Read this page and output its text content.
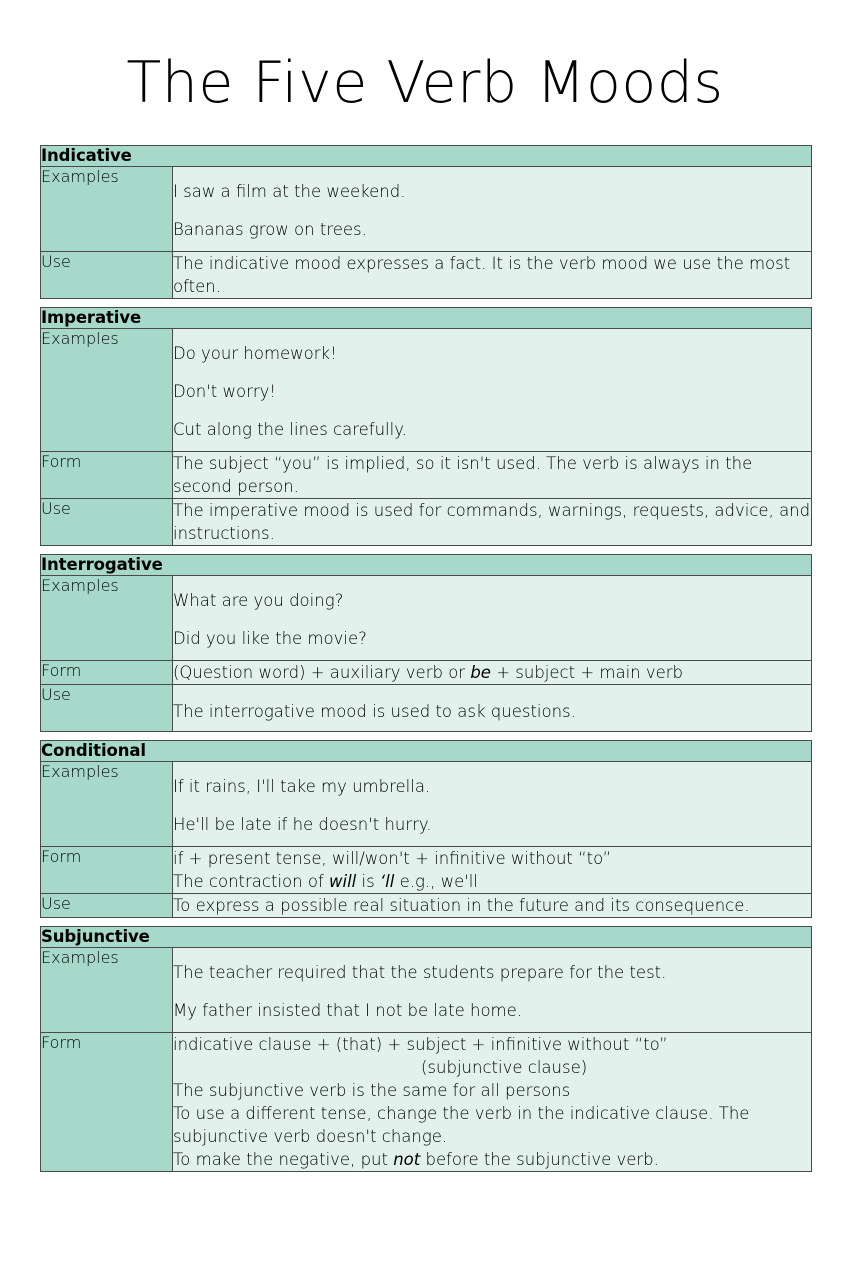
The Five Verb Moods
Indicative	
Examples	I saw a film at the weekend.
Bananas grow on trees.

Use	The indicative mood expresses a fact. It is the verb mood we use the most often.
Imperative	
Examples	Do your homework!
Don't worry!
Cut along the lines carefully.

Form	The subject “you” is implied, so it isn't used. The verb is always in the second person.

Use	The imperative mood is used for commands, warnings, requests, advice, and instructions.
Interrogative	
Examples	What are you doing?
Did you like the movie?

Form	(Question word) + auxiliary verb or be + subject + main verb

Use	The interrogative mood is used to ask questions.
Conditional	
Examples	If it rains, I'll take my umbrella.
He'll be late if he doesn't hurry.

Form	if + present tense, will/won't + infinitive without “to”
The contraction of will is ‘ll e.g., we'll

Use	To express a possible real situation in the future and its consequence.
Subjunctive	
Examples	The teacher required that the students prepare for the test.
My father insisted that I not be late home.

Form	indicative clause + (that) + subject + infinitive without “to”
(subjunctive clause)
The subjunctive verb is the same for all persons
To use a different tense, change the verb in the indicative clause. The subjunctive verb doesn't change.
To make the negative, put not before the subjunctive verb.
